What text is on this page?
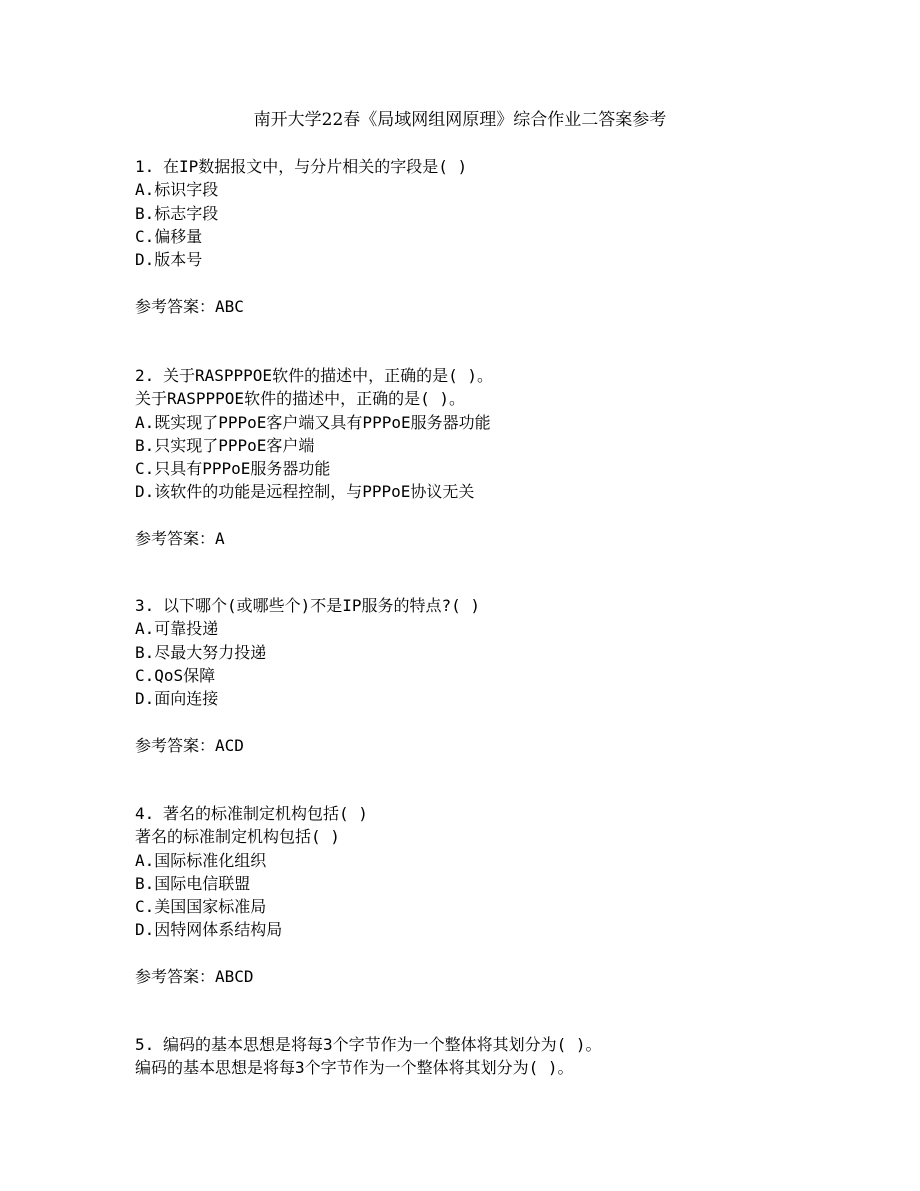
南开大学22春《局域网组网原理》综合作业二答案参考
1. 在IP数据报文中，与分片相关的字段是( )
A.标识字段
B.标志字段
C.偏移量
D.版本号
参考答案：ABC
2. 关于RASPPPOE软件的描述中，正确的是( )。
关于RASPPPOE软件的描述中，正确的是( )。
A.既实现了PPPoE客户端又具有PPPoE服务器功能
B.只实现了PPPoE客户端
C.只具有PPPoE服务器功能
D.该软件的功能是远程控制，与PPPoE协议无关
参考答案：A
3. 以下哪个(或哪些个)不是IP服务的特点?( )
A.可靠投递
B.尽最大努力投递
C.QoS保障
D.面向连接
参考答案：ACD
4. 著名的标准制定机构包括( )
著名的标准制定机构包括( )
A.国际标准化组织
B.国际电信联盟
C.美国国家标准局
D.因特网体系结构局
参考答案：ABCD
5. 编码的基本思想是将每3个字节作为一个整体将其划分为( )。
编码的基本思想是将每3个字节作为一个整体将其划分为( )。
